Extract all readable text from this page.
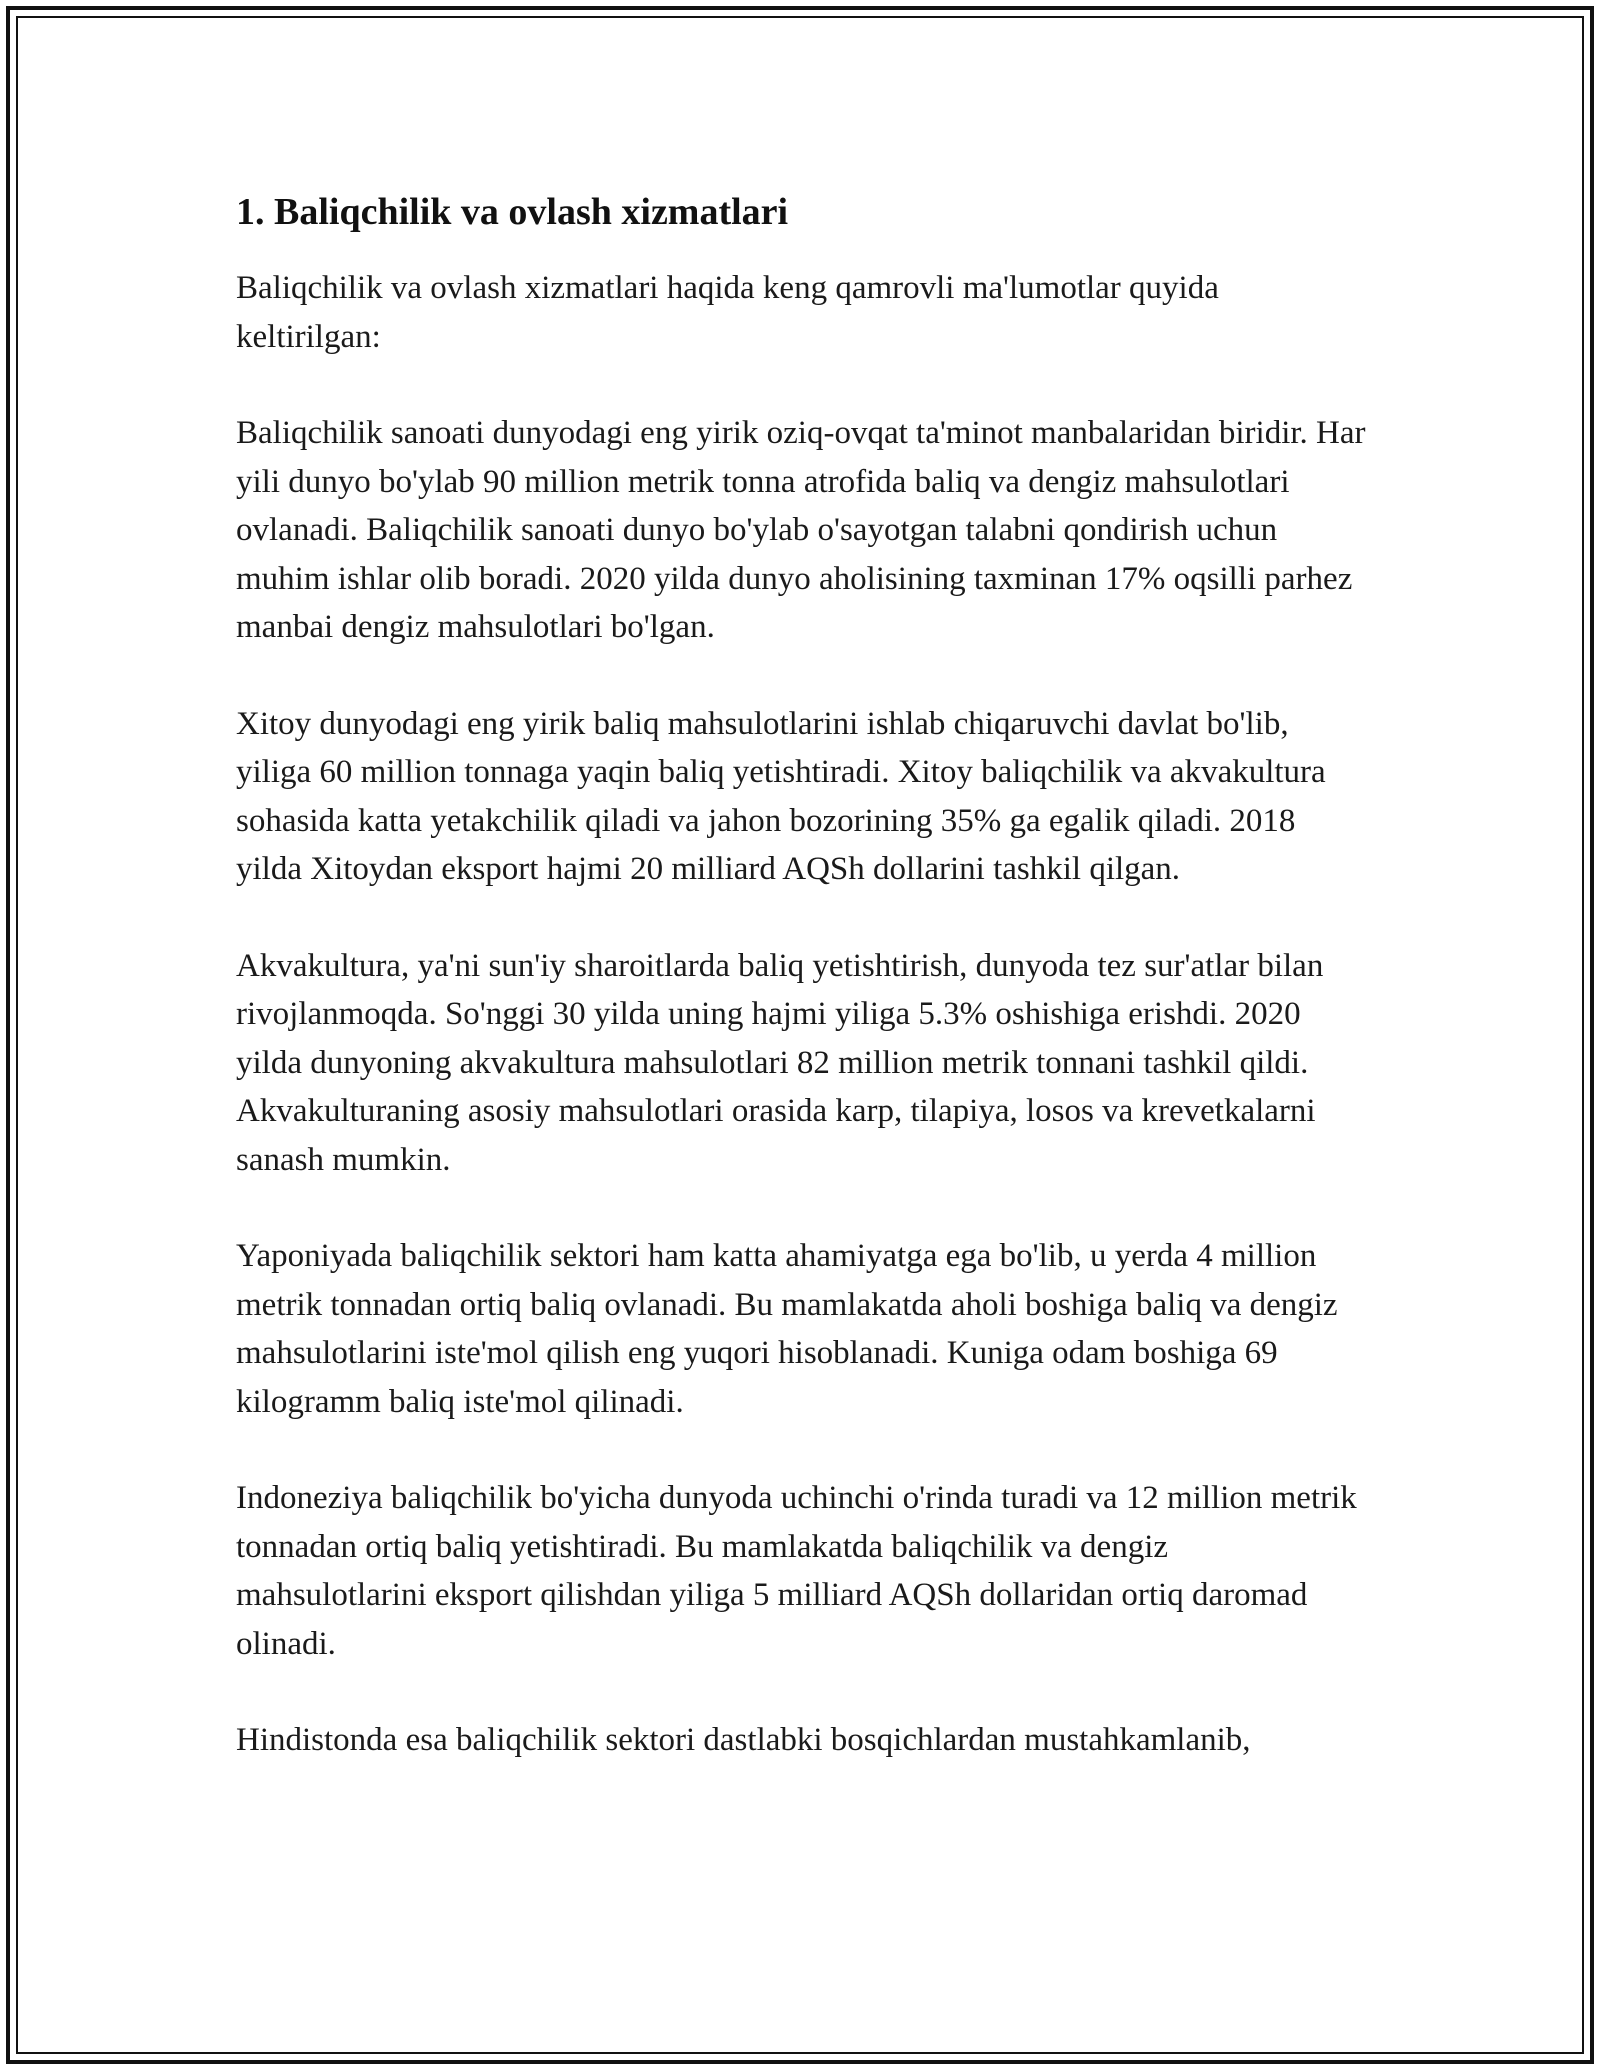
1. Baliqchilik va ovlash xizmatlari

Baliqchilik va ovlash xizmatlari haqida keng qamrovli ma'lumotlar quyida keltirilgan:

Baliqchilik sanoati dunyodagi eng yirik oziq-ovqat ta'minot manbalaridan biridir. Har yili dunyo bo'ylab 90 million metrik tonna atrofida baliq va dengiz mahsulotlari ovlanadi. Baliqchilik sanoati dunyo bo'ylab o'sayotgan talabni qondirish uchun muhim ishlar olib boradi. 2020 yilda dunyo aholisining taxminan 17% oqsilli parhez manbai dengiz mahsulotlari bo'lgan.

Xitoy dunyodagi eng yirik baliq mahsulotlarini ishlab chiqaruvchi davlat bo'lib, yiliga 60 million tonnaga yaqin baliq yetishtiradi. Xitoy baliqchilik va akvakultura sohasida katta yetakchilik qiladi va jahon bozorining 35% ga egalik qiladi. 2018 yilda Xitoydan eksport hajmi 20 milliard AQSh dollarini tashkil qilgan.

Akvakultura, ya'ni sun'iy sharoitlarda baliq yetishtirish, dunyoda tez sur'atlar bilan rivojlanmoqda. So'nggi 30 yilda uning hajmi yiliga 5.3% oshishiga erishdi. 2020 yilda dunyoning akvakultura mahsulotlari 82 million metrik tonnani tashkil qildi. Akvakulturaning asosiy mahsulotlari orasida karp, tilapiya, losos va krevetkalarni sanash mumkin.

Yaponiyada baliqchilik sektori ham katta ahamiyatga ega bo'lib, u yerda 4 million metrik tonnadan ortiq baliq ovlanadi. Bu mamlakatda aholi boshiga baliq va dengiz mahsulotlarini iste'mol qilish eng yuqori hisoblanadi. Kuniga odam boshiga 69 kilogramm baliq iste'mol qilinadi.

Indoneziya baliqchilik bo'yicha dunyoda uchinchi o'rinda turadi va 12 million metrik tonnadan ortiq baliq yetishtiradi. Bu mamlakatda baliqchilik va dengiz mahsulotlarini eksport qilishdan yiliga 5 milliard AQSh dollaridan ortiq daromad olinadi.

Hindistonda esa baliqchilik sektori dastlabki bosqichlardan mustahkamlanib,
